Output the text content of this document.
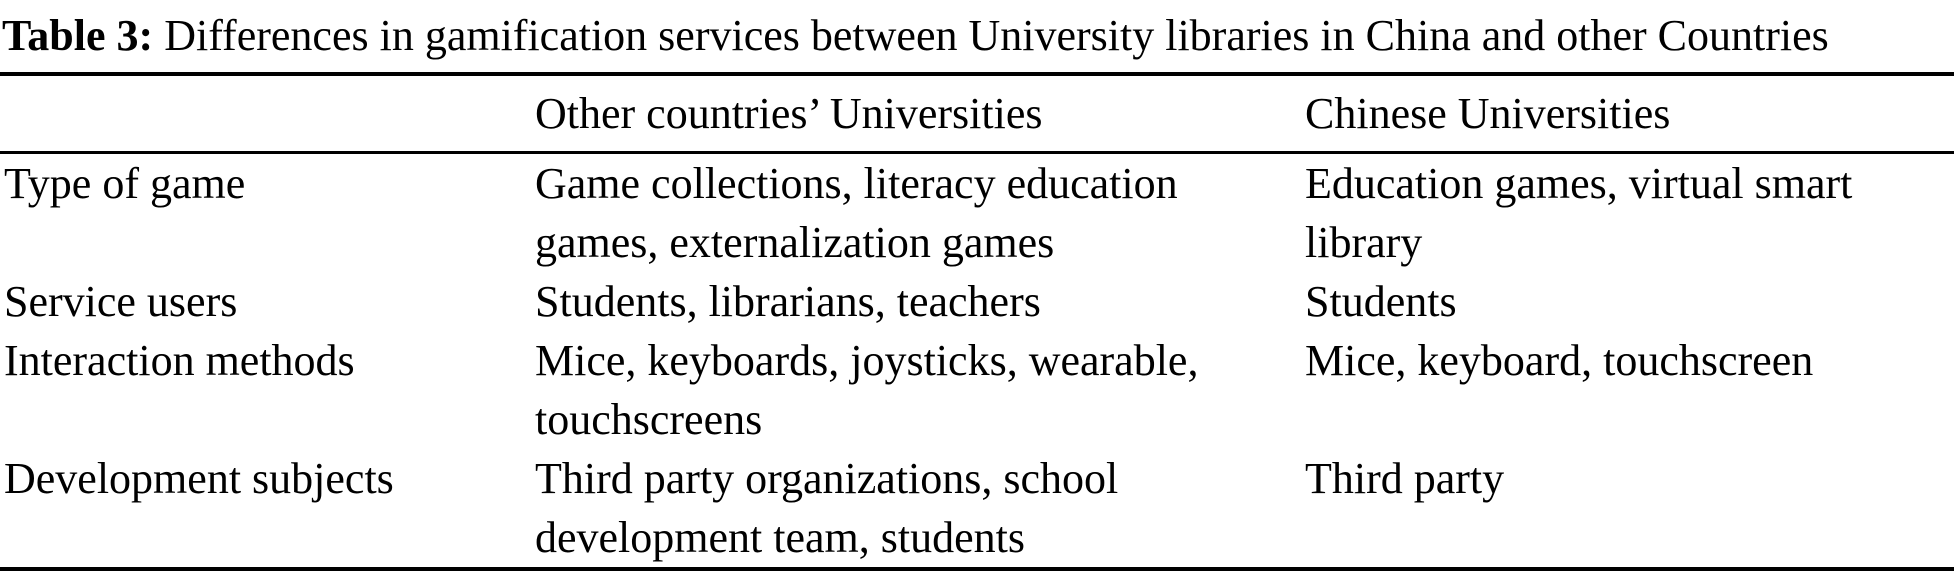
Table 3: Differences in gamification services between University libraries in China and other Countries
	Other countries’ Universities	Chinese Universities
Type of game	Game collections, literacy education games, externalization games	Education games, virtual smart library
Service users	Students, librarians, teachers	Students
Interaction methods	Mice, keyboards, joysticks, wearable, touchscreens	Mice, keyboard, touchscreen
Development subjects	Third party organizations, school development team, students	Third party
